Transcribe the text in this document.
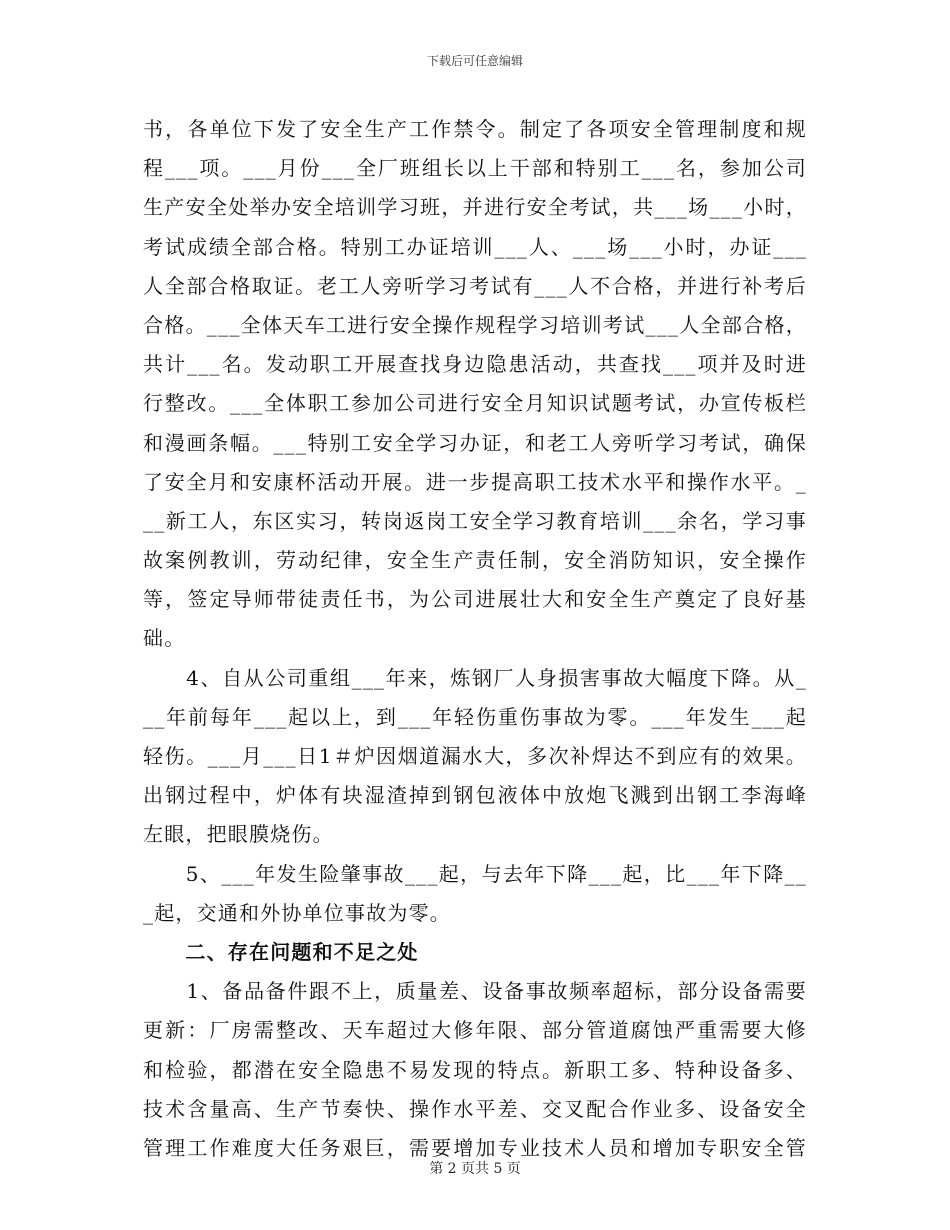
下载后可任意编辑
书，各单位下发了安全生产工作禁令。制定了各项安全管理制度和规
程___项。___月份___全厂班组长以上干部和特别工___名，参加公司
生产安全处举办安全培训学习班，并进行安全考试，共___场___小时，
考试成绩全部合格。特别工办证培训___人、___场___小时，办证___
人全部合格取证。老工人旁听学习考试有___人不合格，并进行补考后
合格。___全体天车工进行安全操作规程学习培训考试___人全部合格，
共计___名。发动职工开展查找身边隐患活动，共查找___项并及时进
行整改。___全体职工参加公司进行安全月知识试题考试，办宣传板栏
和漫画条幅。___特别工安全学习办证，和老工人旁听学习考试，确保
了安全月和安康杯活动开展。进一步提高职工技术水平和操作水平。_
__新工人，东区实习，转岗返岗工安全学习教育培训___余名，学习事
故案例教训，劳动纪律，安全生产责任制，安全消防知识，安全操作
等，签定导师带徒责任书，为公司进展壮大和安全生产奠定了良好基
础。
　　4、自从公司重组___年来，炼钢厂人身损害事故大幅度下降。从_
__年前每年___起以上，到___年轻伤重伤事故为零。___年发生___起
轻伤。___月___日1＃炉因烟道漏水大，多次补焊达不到应有的效果。
出钢过程中，炉体有块湿渣掉到钢包液体中放炮飞溅到出钢工李海峰
左眼，把眼膜烧伤。
　　5、___年发生险肇事故___起，与去年下降___起，比___年下降__
_起，交通和外协单位事故为零。
　　二、存在问题和不足之处
　　1、备品备件跟不上，质量差、设备事故频率超标，部分设备需要
更新：厂房需整改、天车超过大修年限、部分管道腐蚀严重需要大修
和检验，都潜在安全隐患不易发现的特点。新职工多、特种设备多、
技术含量高、生产节奏快、操作水平差、交叉配合作业多、设备安全
管理工作难度大任务艰巨，需要增加专业技术人员和增加专职安全管
第 2 页共 5 页
